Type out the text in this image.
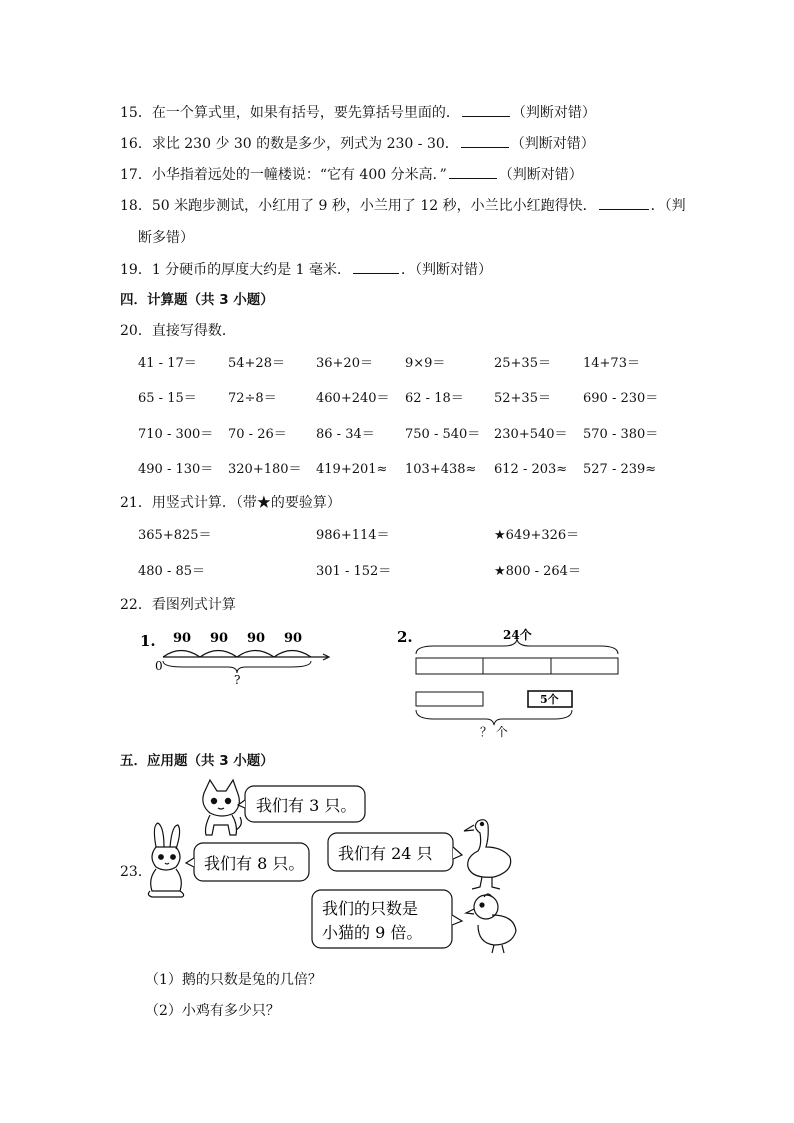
15．在一个算式里，如果有括号，要先算括号里面的．	（判断对错）
16．求比 230 少 30 的数是多少，列式为 230 - 30．	（判断对错）
17．小华指着远处的一幢楼说：“它有 400 分米高．”	（判断对错）
18．50 米跑步测试，小红用了 9 秒，小兰用了 12 秒，小兰比小红跑得快．	．（判
断多错）
19．1 分硬币的厚度大约是 1 毫米．	．（判断对错）
四．计算题（共 3 小题）
20．直接写得数．
41 - 17＝ 54+28＝ 36+20＝ 9×9＝	25+35＝ 14+73＝
65 - 15＝ 72÷8＝	460+240＝ 62 - 18＝ 52+35＝ 690 - 230＝
710 - 300＝ 70 - 26＝ 86 - 34＝ 750 - 540＝ 230+540＝ 570 - 380＝
490 - 130＝ 320+180＝ 419+201≈ 103+438≈ 612 - 203≈ 527 - 239≈
21．用竖式计算．（带★的要验算）
365+825＝	986+114＝	★649+326＝
480 - 85＝	301 - 152＝	★800 - 264＝
22．看图列式计算
1. 90 90 90 90
0
?
2.	24个
5个
？ 个
五．应用题（共 3 小题）
23．
我们有 3 只。
我们有 24 只
我们有 8 只。
我们的只数是
小猫的 9 倍。
（1）鹅的只数是兔的几倍？
（2）小鸡有多少只？
